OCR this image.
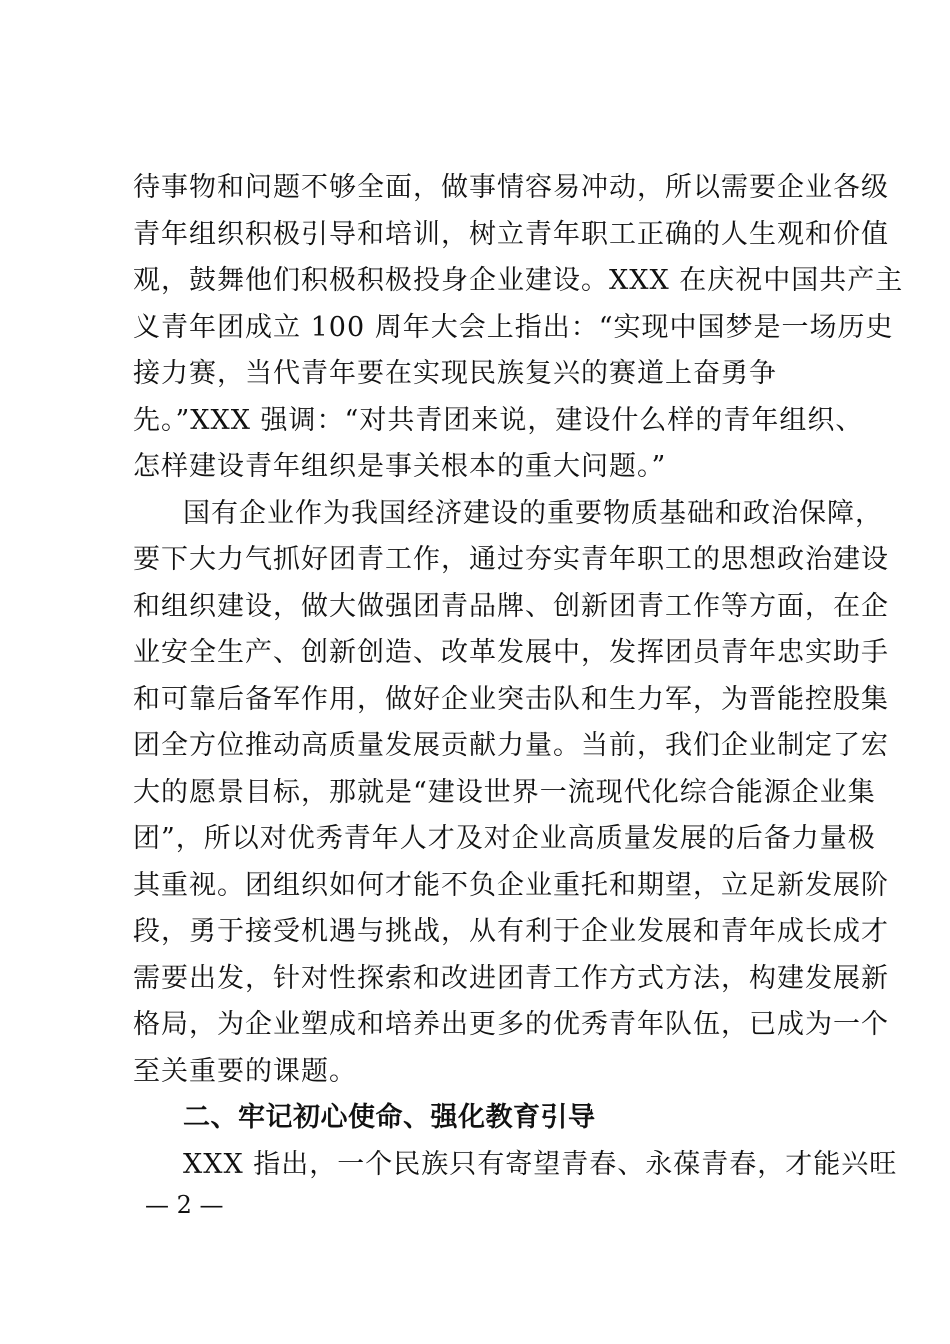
待事物和问题不够全面，做事情容易冲动，所以需要企业各级
青年组织积极引导和培训，树立青年职工正确的人生观和价值
观，鼓舞他们积极积极投身企业建设。XXX 在庆祝中国共产主
义青年团成立 100 周年大会上指出：“实现中国梦是一场历史
接力赛，当代青年要在实现民族复兴的赛道上奋勇争
先。”XXX 强调：“对共青团来说，建设什么样的青年组织、
怎样建设青年组织是事关根本的重大问题。”
国有企业作为我国经济建设的重要物质基础和政治保障，
要下大力气抓好团青工作，通过夯实青年职工的思想政治建设
和组织建设，做大做强团青品牌、创新团青工作等方面，在企
业安全生产、创新创造、改革发展中，发挥团员青年忠实助手
和可靠后备军作用，做好企业突击队和生力军，为晋能控股集
团全方位推动高质量发展贡献力量。当前，我们企业制定了宏
大的愿景目标，那就是“建设世界一流现代化综合能源企业集
团”，所以对优秀青年人才及对企业高质量发展的后备力量极
其重视。团组织如何才能不负企业重托和期望，立足新发展阶
段，勇于接受机遇与挑战，从有利于企业发展和青年成长成才
需要出发，针对性探索和改进团青工作方式方法，构建发展新
格局，为企业塑成和培养出更多的优秀青年队伍，已成为一个
至关重要的课题。
二、牢记初心使命、强化教育引导
XXX 指出，一个民族只有寄望青春、永葆青春，才能兴旺
— 2 —
